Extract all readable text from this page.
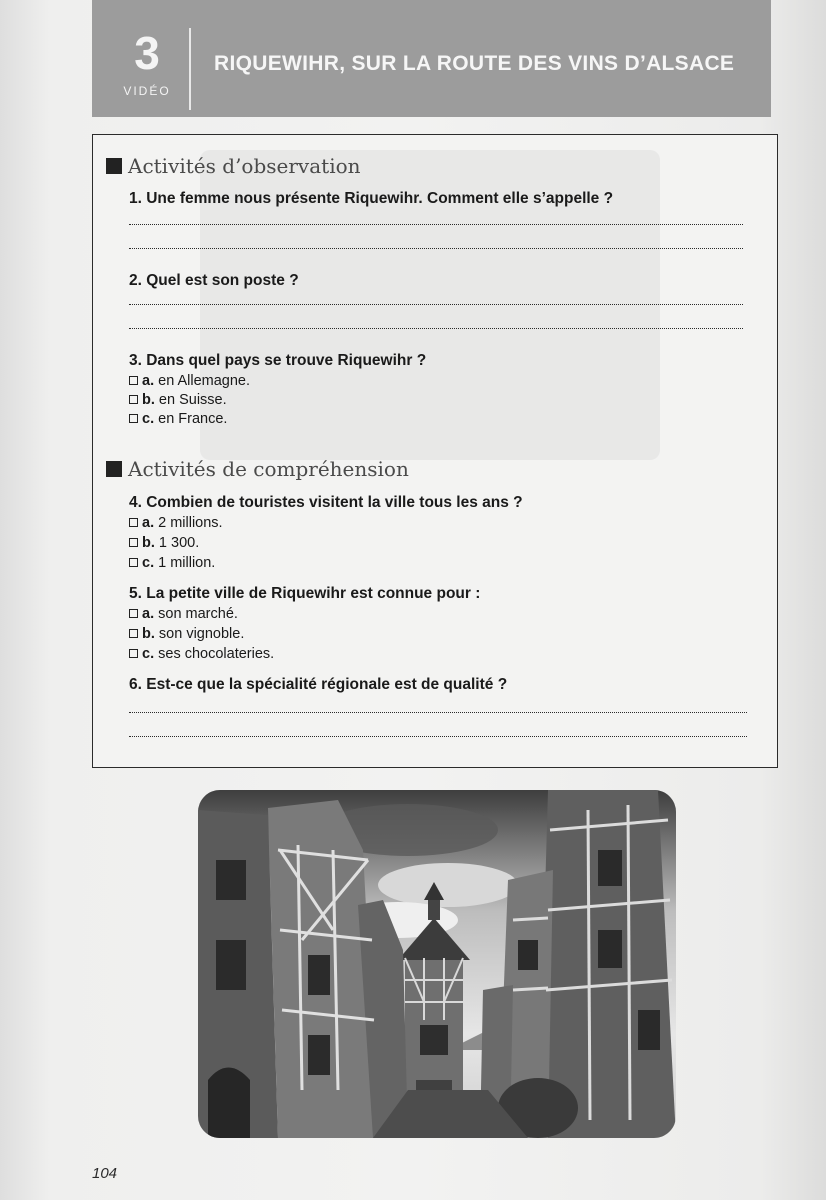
3
VIDÉO
RIQUEWIHR, SUR LA ROUTE DES VINS D’ALSACE
Activités d’observation
1. Une femme nous présente Riquewihr. Comment elle s’appelle ?
2. Quel est son poste ?
3. Dans quel pays se trouve Riquewihr ?
a. en Allemagne.
b. en Suisse.
c. en France.
Activités de compréhension
4. Combien de touristes visitent la ville tous les ans ?
a. 2 millions.
b. 1 300.
c. 1 million.
5. La petite ville de Riquewihr est connue pour :
a. son marché.
b. son vignoble.
c. ses chocolateries.
6. Est-ce que la spécialité régionale est de qualité ?
104
